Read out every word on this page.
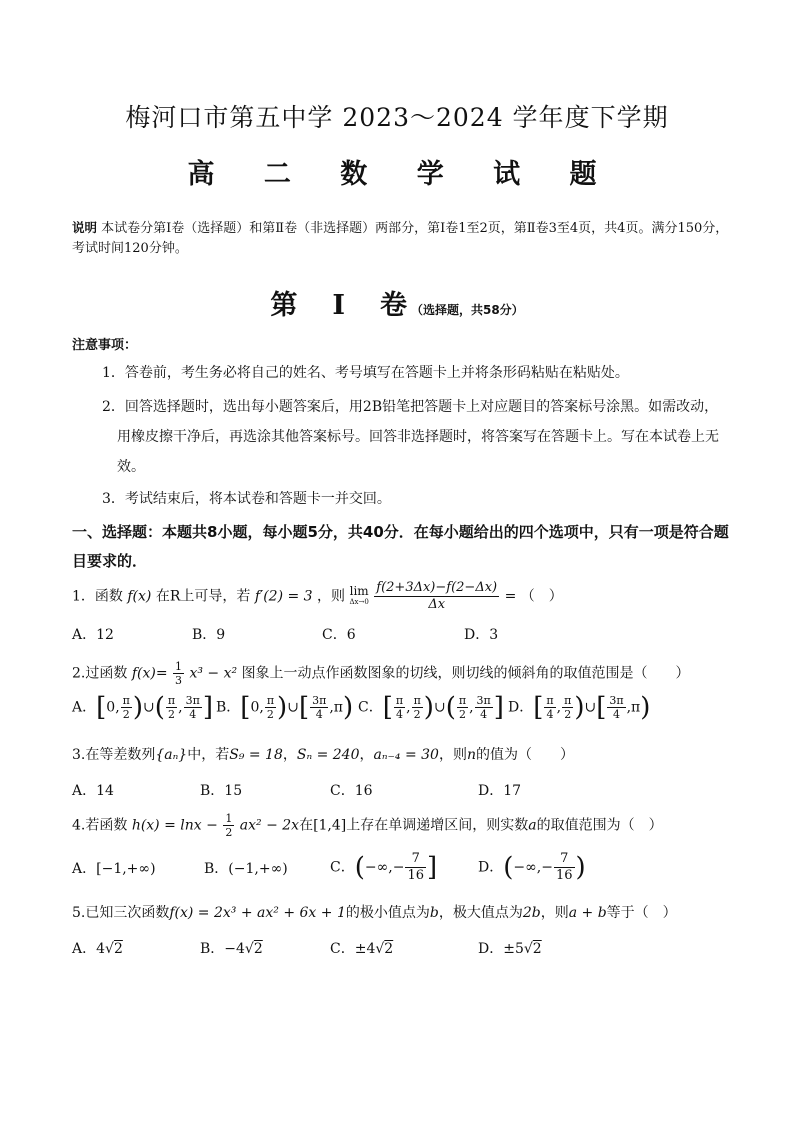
梅河口市第五中学 2023～2024 学年度下学期
高 二 数 学 试 题
说明 本试卷分第Ⅰ卷（选择题）和第Ⅱ卷（非选择题）两部分，第Ⅰ卷1至2页，第Ⅱ卷3至4页，共4页。满分150分，考试时间120分钟。
第　Ⅰ　卷（选择题，共58分）
注意事项：
1．答卷前，考生务必将自己的姓名、考号填写在答题卡上并将条形码粘贴在粘贴处。
2．回答选择题时，选出每小题答案后，用2B铅笔把答题卡上对应题目的答案标号涂黑。如需改动，
用橡皮擦干净后，再选涂其他答案标号。回答非选择题时，将答案写在答题卡上。写在本试卷上无
效。
3．考试结束后，将本试卷和答题卡一并交回。
一、选择题：本题共8小题，每小题5分，共40分．在每小题给出的四个选项中，只有一项是符合题目要求的．
1．函数 f(x) 在R上可导，若 f′(2) = 3 ，则 lim
Δx→0
$\frac{f(2+3\Delta x)-f(2-\Delta x)}{\Delta x}$ = （　）
A．12	B．9	C．6	D．3
2.过函数 $f(x)= \frac{1}{3} x^3 - x^2$ 图象上一动点作函数图象的切线，则切线的倾斜角的取值范围是（　　）
A．[0, $\frac{\pi}{2}$ )∪( $\frac{\pi}{2}$ , $\frac{3\pi}{4}$ ] B．[0, $\frac{\pi}{2}$ )∪[ $\frac{3\pi}{4} ,\pi$) C．[ $\frac{\pi}{4}$ , $\frac{\pi}{2}$ )∪( $\frac{\pi}{2}$ , $\frac{3\pi}{4}$ ] D．[ $\frac{\pi}{4}$ , $\frac{\pi}{2}$ )∪[ $\frac{3\pi}{4} ,\pi$)
3.在等差数列{aₙ}中，若S₉ = 18，Sₙ = 240，aₙ₋₄ = 30，则n的值为（　　）
A．14	B．15	C．16	D．17
4.若函数 $h(x) = \ln x - \frac{1}{2} ax^2 - 2x$在[1,4]上存在单调递增区间，则实数a的取值范围为（　）
A．[−1,+∞)	B．(−1,+∞)	C．(−∞,− $\frac{7}{16}$ ]	D．(−∞,− $\frac{7}{16}$ )
5.已知三次函数f(x) = 2x³ + ax² + 6x + 1的极小值点为b，极大值点为2b，则a + b等于（　）
A．4√2	B．−4√2	C．±4√2	D．±5√2
